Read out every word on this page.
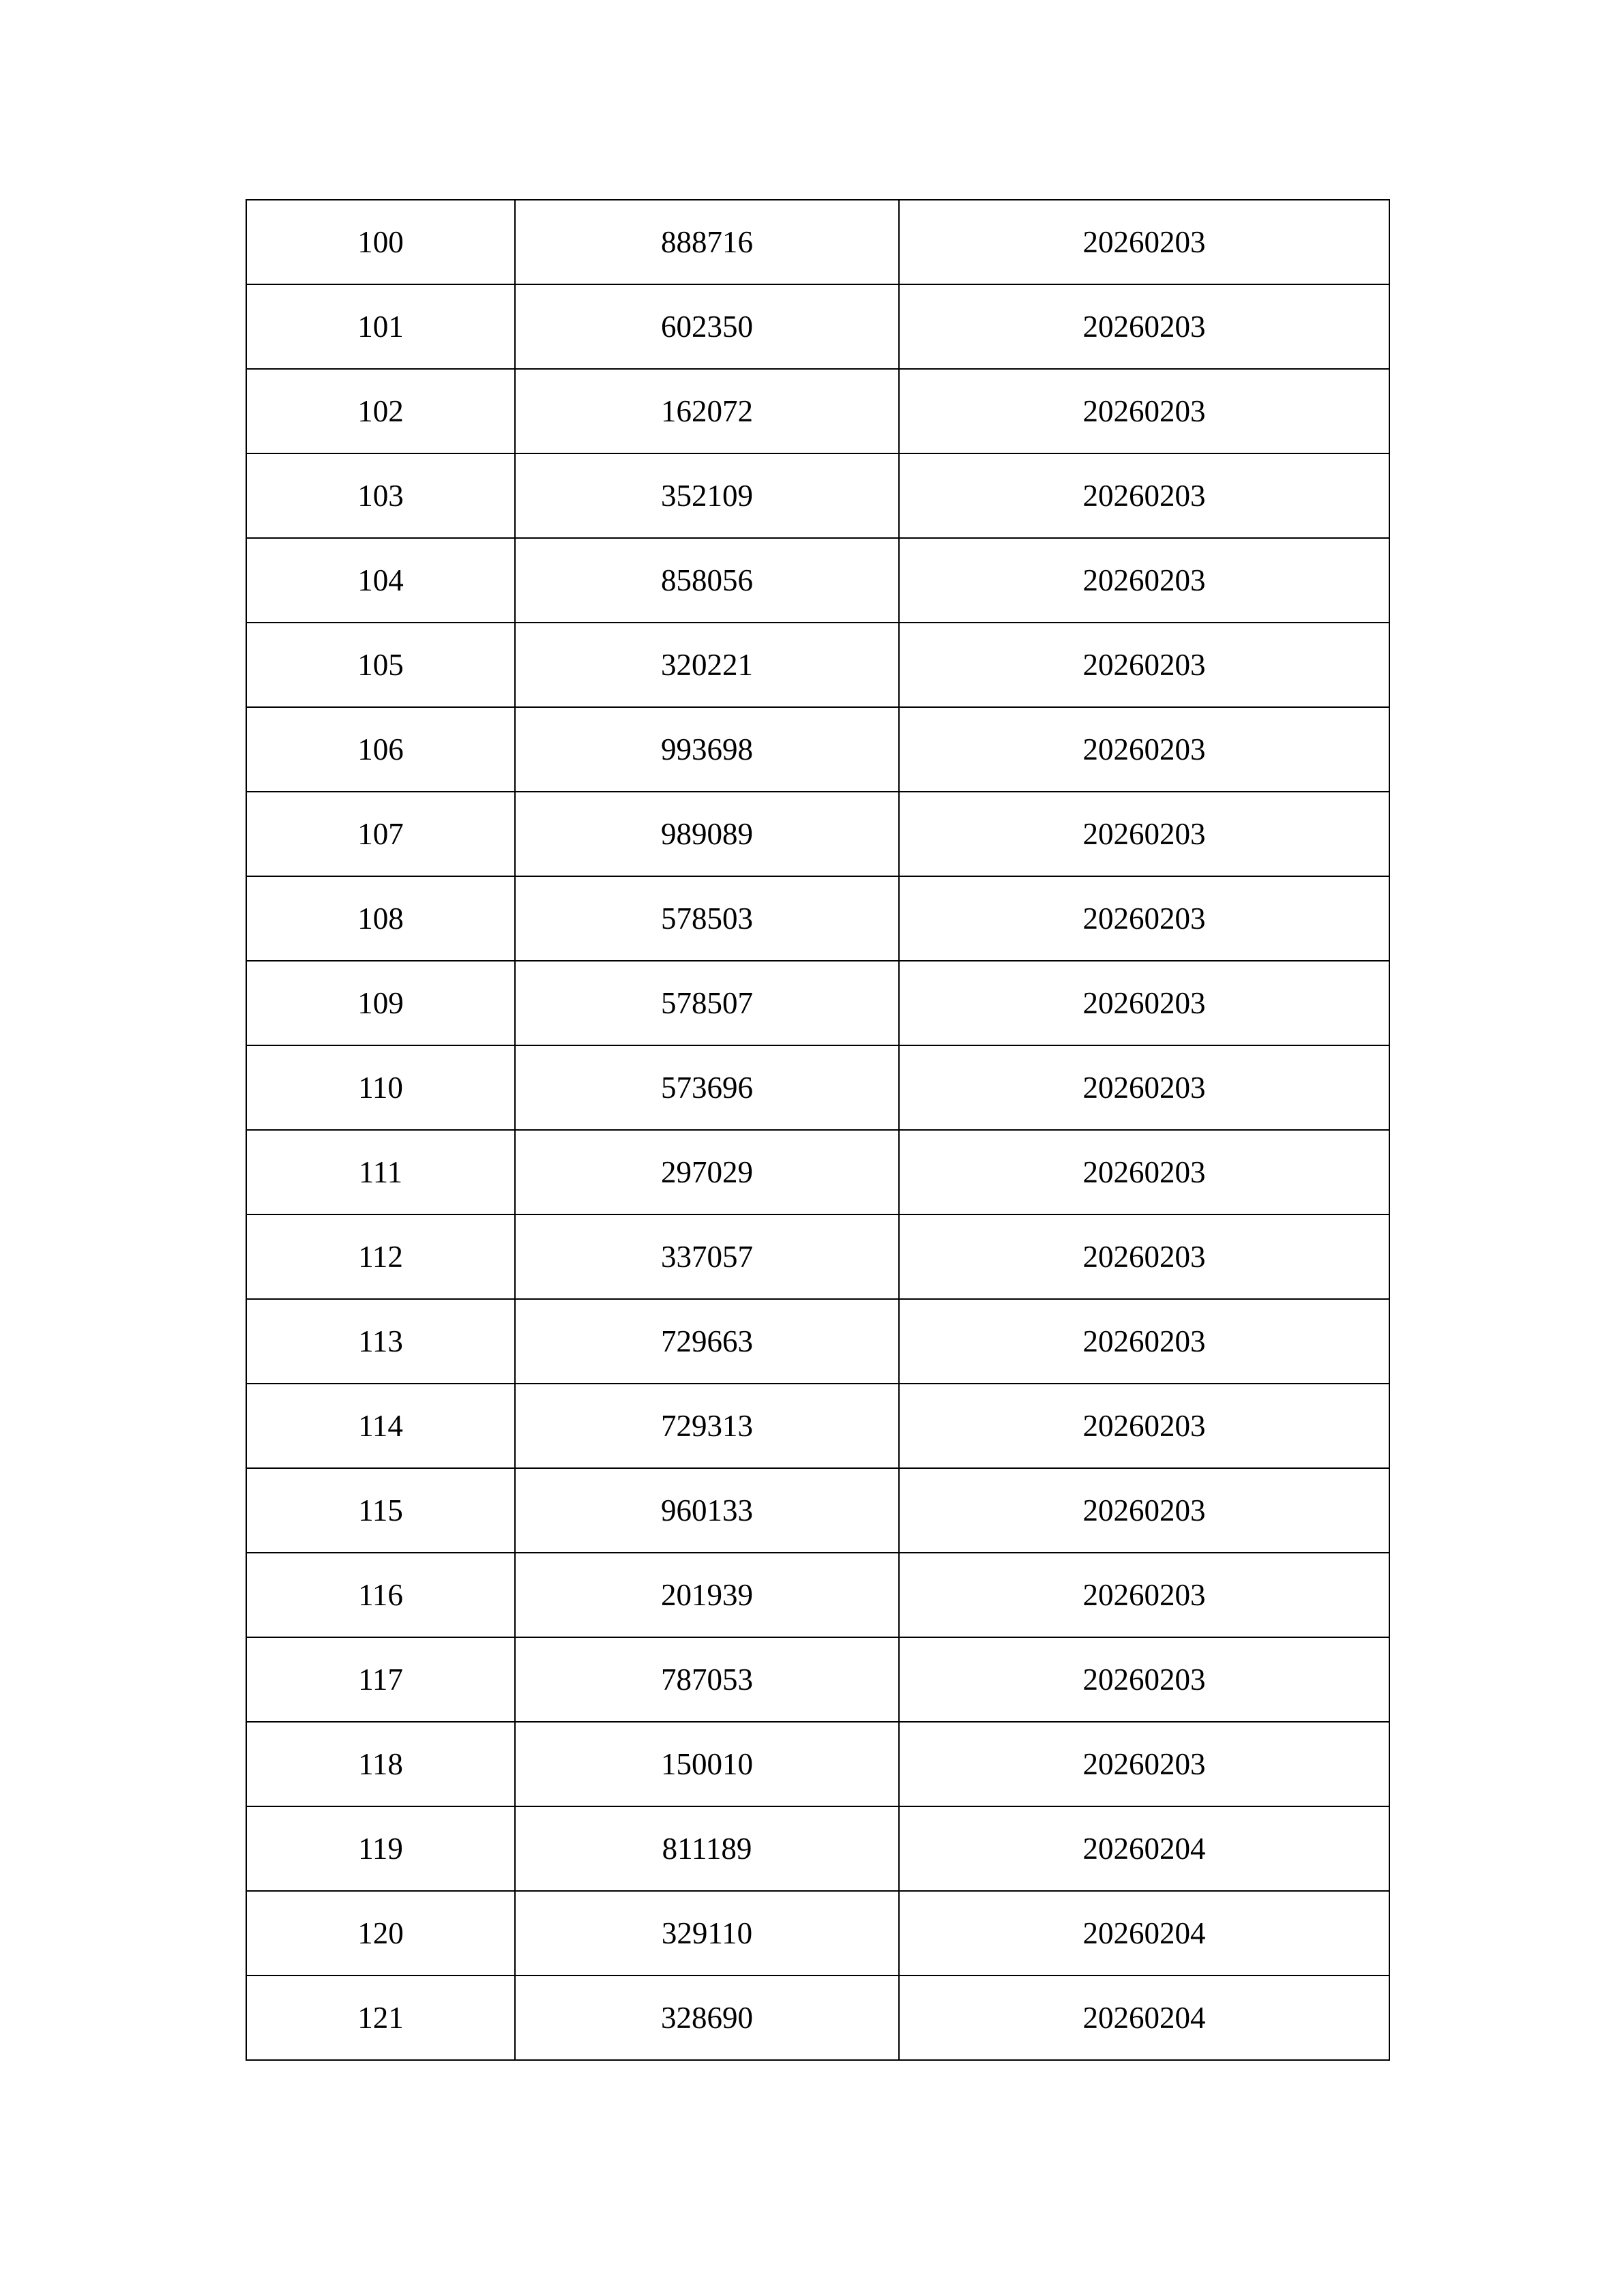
100	888716	20260203
101	602350	20260203
102	162072	20260203
103	352109	20260203
104	858056	20260203
105	320221	20260203
106	993698	20260203
107	989089	20260203
108	578503	20260203
109	578507	20260203
110	573696	20260203
111	297029	20260203
112	337057	20260203
113	729663	20260203
114	729313	20260203
115	960133	20260203
116	201939	20260203
117	787053	20260203
118	150010	20260203
119	811189	20260204
120	329110	20260204
121	328690	20260204
